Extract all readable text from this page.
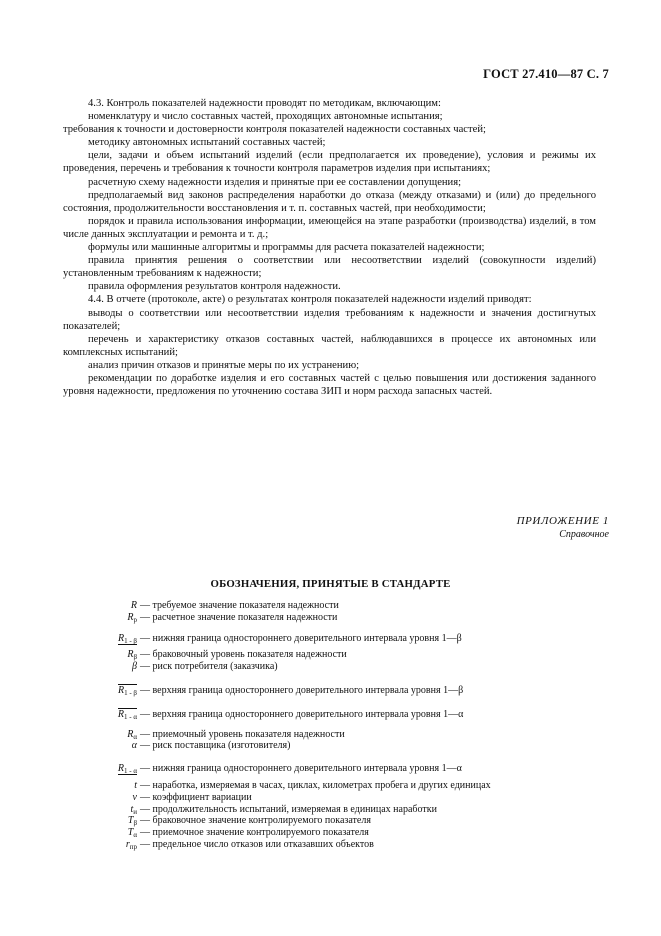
ГОСТ 27.410—87 С. 7

4.3. Контроль показателей надежности проводят по методикам, включающим:

номенклатуру и число составных частей, проходящих автономные испытания;

требования к точности и достоверности контроля показателей надежности составных частей;

методику автономных испытаний составных частей;

цели, задачи и объем испытаний изделий (если предполагается их проведение), условия и режимы их проведения, перечень и требования к точности контроля параметров изделия при испытаниях;

расчетную схему надежности изделия и принятые при ее составлении допущения;

предполагаемый вид законов распределения наработки до отказа (между отказами) и (или) до предельного состояния, продолжительности восстановления и т. п. составных частей, при необходимости;

порядок и правила использования информации, имеющейся на этапе разработки (производства) изделий, в том числе данных эксплуатации и ремонта и т. д.;

формулы или машинные алгоритмы и программы для расчета показателей надежности;

правила принятия решения о соответствии или несоответствии изделий (совокупности изделий) установленным требованиям к надежности;

правила оформления результатов контроля надежности.

4.4. В отчете (протоколе, акте) о результатах контроля показателей надежности изделий приводят:

выводы о соответствии или несоответствии изделия требованиям к надежности и значения достигнутых показателей;

перечень и характеристику отказов составных частей, наблюдавшихся в процессе их автономных или комплексных испытаний;

анализ причин отказов и принятые меры по их устранению;

рекомендации по доработке изделия и его составных частей с целью повышения или достижения заданного уровня надежности, предложения по уточнению состава ЗИП и норм расхода запасных частей.

ПРИЛОЖЕНИЕ 1
Справочное
ОБОЗНАЧЕНИЯ, ПРИНЯТЫЕ В СТАНДАРТЕ
R — требуемое значение показателя надежности
$R_p$ — расчетное значение показателя надежности
$R_{1 - \beta}$ — нижняя граница одностороннего доверительного интервала уровня 1—β
$R_\beta$ — браковочный уровень показателя надежности
β — риск потребителя (заказчика)
$R_{1 - \beta}$ — верхняя граница одностороннего доверительного интервала уровня 1—β
$R_{1 - \alpha}$ — верхняя граница одностороннего доверительного интервала уровня 1—α
$R_\alpha$ — приемочный уровень показателя надежности
α — риск поставщика (изготовителя)
$R_{1 - \alpha}$ — нижняя граница одностороннего доверительного интервала уровня 1—α
t — наработка, измеряемая в часах, циклах, километрах пробега и других единицах
v — коэффициент вариации
$t_и$ — продолжительность испытаний, измеряемая в единицах наработки
$T_\beta$ — браковочное значение контролируемого показателя
$T_\alpha$ — приемочное значение контролируемого показателя
$r_{пр}$ — предельное число отказов или отказавших объектов
